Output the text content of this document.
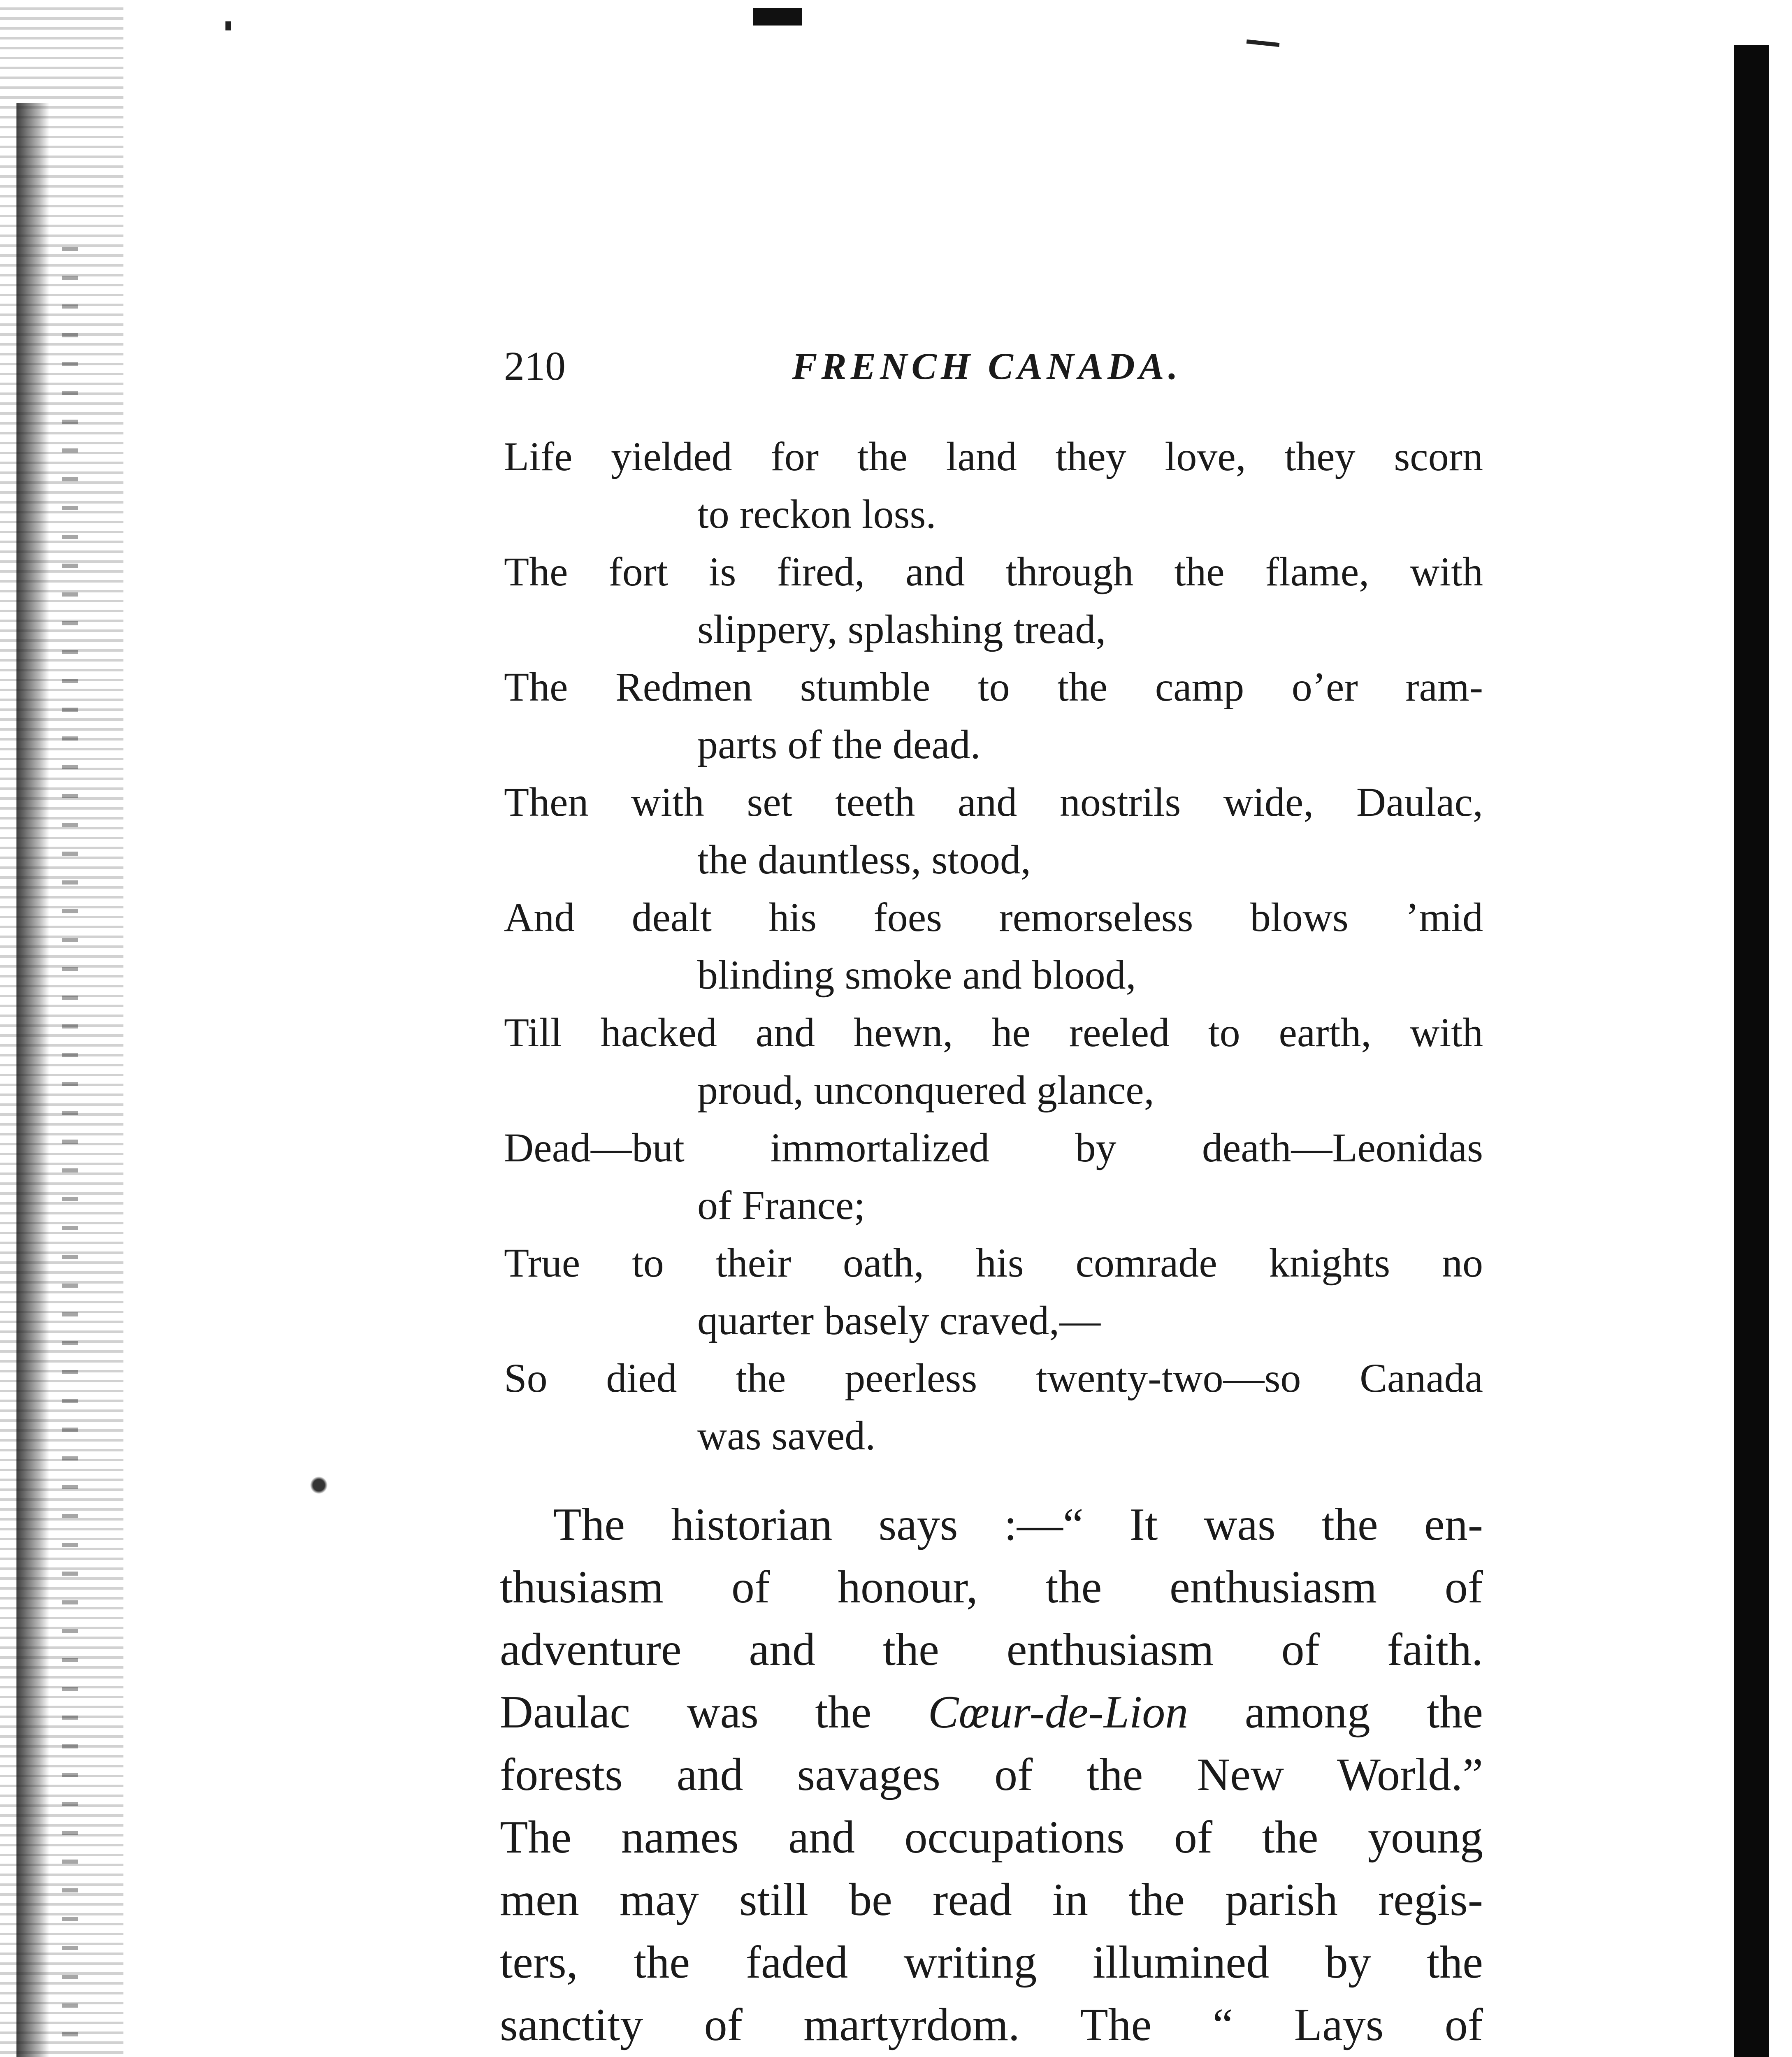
210	FRENCH CANADA.
Life yielded for the land they love, they scorn
to reckon loss.
The fort is fired, and through the flame, with
slippery, splashing tread,
The Redmen stumble to the camp o’er ram-
parts of the dead.
Then with set teeth and nostrils wide, Daulac,
the dauntless, stood,
And dealt his foes remorseless blows ’mid
blinding smoke and blood,
Till hacked and hewn, he reeled to earth, with
proud, unconquered glance,
Dead—but immortalized by death—Leonidas
of France;
True to their oath, his comrade knights no
quarter basely craved,—
So died the peerless twenty-two—so Canada
was saved.
The historian says :—“ It was the en-
thusiasm of honour, the enthusiasm of
adventure and the enthusiasm of faith.
Daulac was the Cœur-de-Lion among the
forests and savages of the New World.”
The names and occupations of the young
men may still be read in the parish regis-
ters, the faded writing illumined by the
sanctity of martyrdom. The “ Lays of
